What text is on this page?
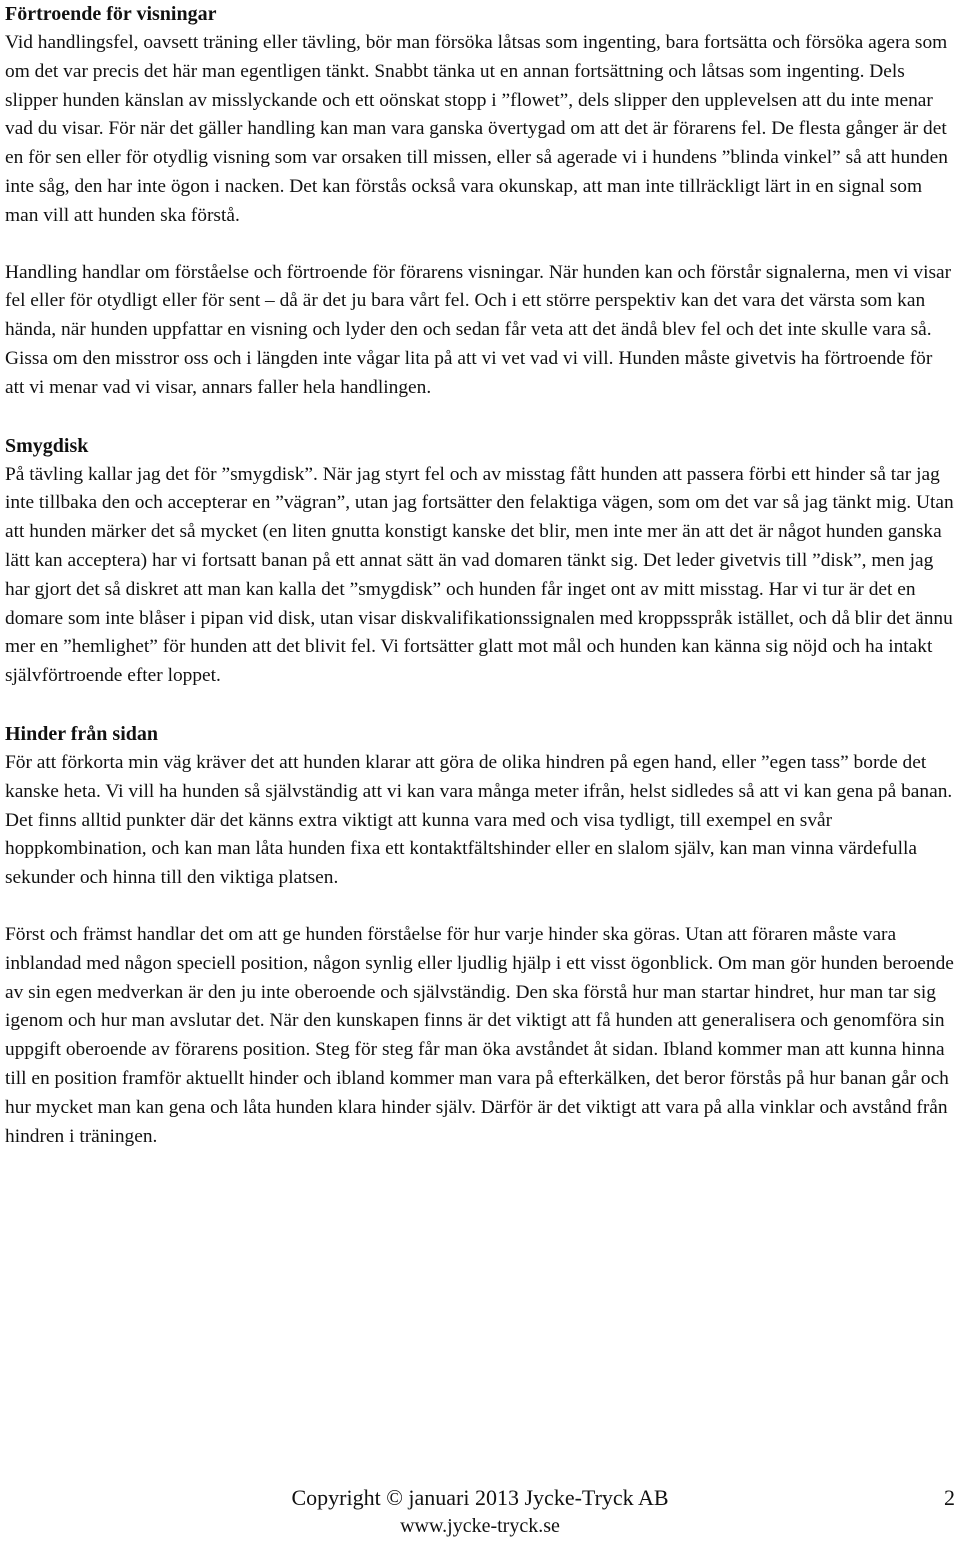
Förtroende för visningar

Vid handlingsfel, oavsett träning eller tävling, bör man försöka låtsas som ingenting, bara fortsätta och försöka agera som om det var precis det här man egentligen tänkt. Snabbt tänka ut en annan fortsättning och låtsas som ingenting. Dels slipper hunden känslan av misslyckande och ett oönskat stopp i ”flowet”, dels slipper den upplevelsen att du inte menar vad du visar. För när det gäller handling kan man vara ganska övertygad om att det är förarens fel. De flesta gånger är det en för sen eller för otydlig visning som var orsaken till missen, eller så agerade vi i hundens ”blinda vinkel” så att hunden inte såg, den har inte ögon i nacken. Det kan förstås också vara okunskap, att man inte tillräckligt lärt in en signal som man vill att hunden ska förstå.

Handling handlar om förståelse och förtroende för förarens visningar. När hunden kan och förstår signalerna, men vi visar fel eller för otydligt eller för sent – då är det ju bara vårt fel. Och i ett större perspektiv kan det vara det värsta som kan hända, när hunden uppfattar en visning och lyder den och sedan får veta att det ändå blev fel och det inte skulle vara så. Gissa om den misstror oss och i längden inte vågar lita på att vi vet vad vi vill. Hunden måste givetvis ha förtroende för att vi menar vad vi visar, annars faller hela handlingen.

Smygdisk

På tävling kallar jag det för ”smygdisk”. När jag styrt fel och av misstag fått hunden att passera förbi ett hinder så tar jag inte tillbaka den och accepterar en ”vägran”, utan jag fortsätter den felaktiga vägen, som om det var så jag tänkt mig. Utan att hunden märker det så mycket (en liten gnutta konstigt kanske det blir, men inte mer än att det är något hunden ganska lätt kan acceptera) har vi fortsatt banan på ett annat sätt än vad domaren tänkt sig. Det leder givetvis till ”disk”, men jag har gjort det så diskret att man kan kalla det ”smygdisk” och hunden får inget ont av mitt misstag. Har vi tur är det en domare som inte blåser i pipan vid disk, utan visar diskvalifikationssignalen med kroppsspråk istället, och då blir det ännu mer en ”hemlighet” för hunden att det blivit fel. Vi fortsätter glatt mot mål och hunden kan känna sig nöjd och ha intakt självförtroende efter loppet.

Hinder från sidan

För att förkorta min väg kräver det att hunden klarar att göra de olika hindren på egen hand, eller ”egen tass” borde det kanske heta. Vi vill ha hunden så självständig att vi kan vara många meter ifrån, helst sidledes så att vi kan gena på banan. Det finns alltid punkter där det känns extra viktigt att kunna vara med och visa tydligt, till exempel en svår hoppkombination, och kan man låta hunden fixa ett kontaktfältshinder eller en slalom själv, kan man vinna värdefulla sekunder och hinna till den viktiga platsen.

Först och främst handlar det om att ge hunden förståelse för hur varje hinder ska göras. Utan att föraren måste vara inblandad med någon speciell position, någon synlig eller ljudlig hjälp i ett visst ögonblick. Om man gör hunden beroende av sin egen medverkan är den ju inte oberoende och självständig. Den ska förstå hur man startar hindret, hur man tar sig igenom och hur man avslutar det. När den kunskapen finns är det viktigt att få hunden att generalisera och genomföra sin uppgift oberoende av förarens position. Steg för steg får man öka avståndet åt sidan. Ibland kommer man att kunna hinna till en position framför aktuellt hinder och ibland kommer man vara på efterkälken, det beror förstås på hur banan går och hur mycket man kan gena och låta hunden klara hinder själv. Därför är det viktigt att vara på alla vinklar och avstånd från hindren i träningen.

Copyright © januari 2013 Jycke-Tryck AB	2
www.jycke-tryck.se
